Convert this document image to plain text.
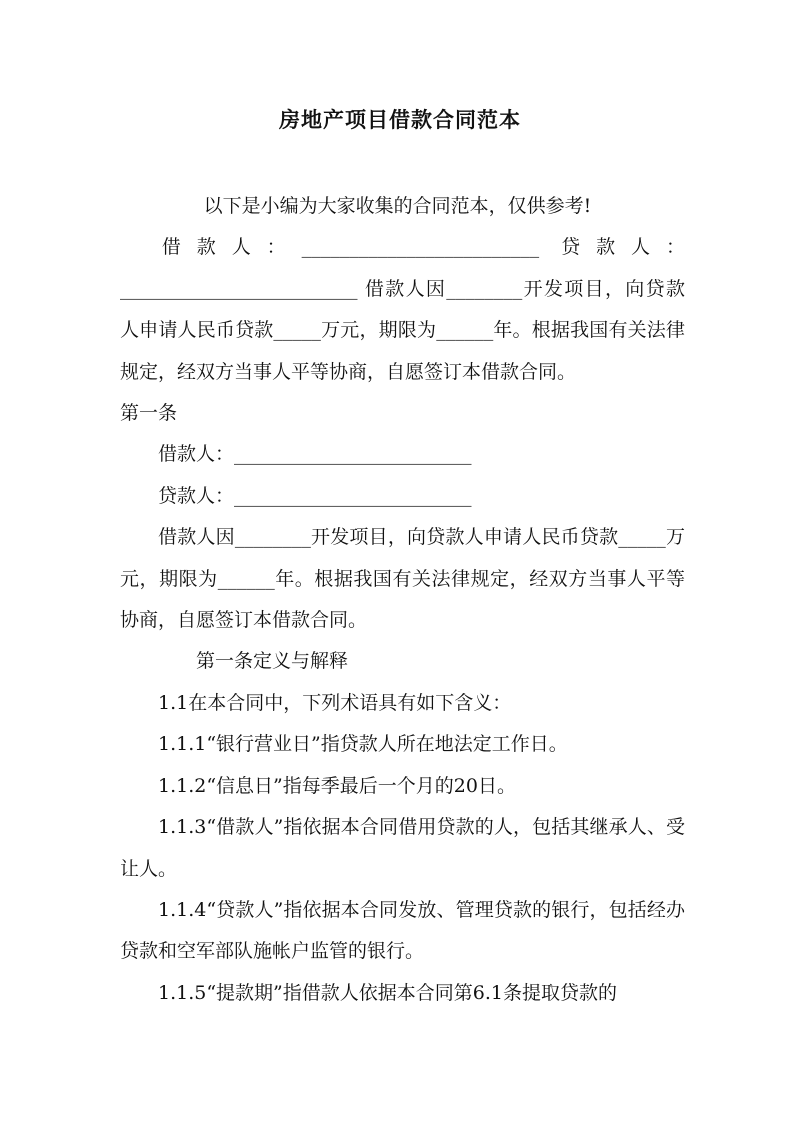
房地产项目借款合同范本

以下是小编为大家收集的合同范本，仅供参考!

借款人：_________________________ 贷款人：

_________________________ 借款人因________开发项目，向贷款人申请人民币贷款_____万元，期限为______年。根据我国有关法律规定，经双方当事人平等协商，自愿签订本借款合同。

第一条

借款人：_________________________

贷款人：_________________________

借款人因________开发项目，向贷款人申请人民币贷款_____万元，期限为______年。根据我国有关法律规定，经双方当事人平等协商，自愿签订本借款合同。

第一条定义与解释

1.1在本合同中，下列术语具有如下含义：

1.1.1“银行营业日”指贷款人所在地法定工作日。

1.1.2“信息日”指每季最后一个月的20日。

1.1.3“借款人”指依据本合同借用贷款的人，包括其继承人、受让人。

1.1.4“贷款人”指依据本合同发放、管理贷款的银行，包括经办贷款和空军部队施帐户监管的银行。

1.1.5“提款期”指借款人依据本合同第6.1条提取贷款的
